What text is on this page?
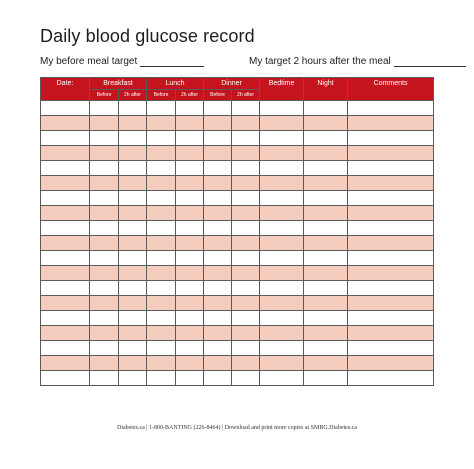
Daily blood glucose record
My before meal target	My target 2 hours after the meal
Date:	Breakfast		Lunch		Dinner		Bedtime	Night	Comments
	Before	2h after	Before	2h after	Before	2h after			

Diabetes.ca | 1-800-BANTING (226-8464) | Download and print more copies at SMBG.Diabetes.ca
